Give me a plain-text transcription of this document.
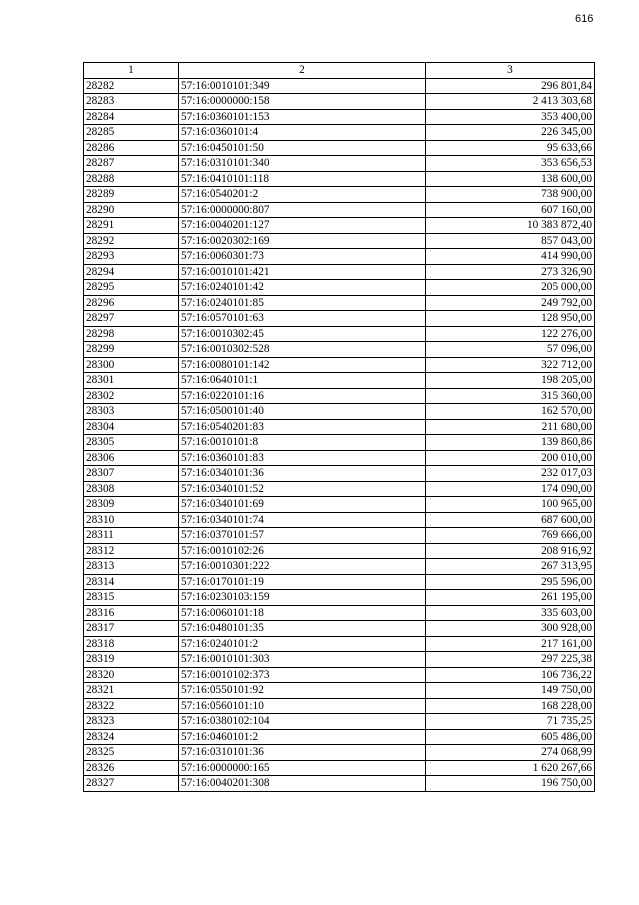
616
1	2	3
28282	57:16:0010101:349	296 801,84
28283	57:16:0000000:158	2 413 303,68
28284	57:16:0360101:153	353 400,00
28285	57:16:0360101:4	226 345,00
28286	57:16:0450101:50	95 633,66
28287	57:16:0310101:340	353 656,53
28288	57:16:0410101:118	138 600,00
28289	57:16:0540201:2	738 900,00
28290	57:16:0000000:807	607 160,00
28291	57:16:0040201:127	10 383 872,40
28292	57:16:0020302:169	857 043,00
28293	57:16:0060301:73	414 990,00
28294	57:16:0010101:421	273 326,90
28295	57:16:0240101:42	205 000,00
28296	57:16:0240101:85	249 792,00
28297	57:16:0570101:63	128 950,00
28298	57:16:0010302:45	122 276,00
28299	57:16:0010302:528	57 096,00
28300	57:16:0080101:142	322 712,00
28301	57:16:0640101:1	198 205,00
28302	57:16:0220101:16	315 360,00
28303	57:16:0500101:40	162 570,00
28304	57:16:0540201:83	211 680,00
28305	57:16:0010101:8	139 860,86
28306	57:16:0360101:83	200 010,00
28307	57:16:0340101:36	232 017,03
28308	57:16:0340101:52	174 090,00
28309	57:16:0340101:69	100 965,00
28310	57:16:0340101:74	687 600,00
28311	57:16:0370101:57	769 666,00
28312	57:16:0010102:26	208 916,92
28313	57:16:0010301:222	267 313,95
28314	57:16:0170101:19	295 596,00
28315	57:16:0230103:159	261 195,00
28316	57:16:0060101:18	335 603,00
28317	57:16:0480101:35	300 928,00
28318	57:16:0240101:2	217 161,00
28319	57:16:0010101:303	297 225,38
28320	57:16:0010102:373	106 736,22
28321	57:16:0550101:92	149 750,00
28322	57:16:0560101:10	168 228,00
28323	57:16:0380102:104	71 735,25
28324	57:16:0460101:2	605 486,00
28325	57:16:0310101:36	274 068,99
28326	57:16:0000000:165	1 620 267,66
28327	57:16:0040201:308	196 750,00
